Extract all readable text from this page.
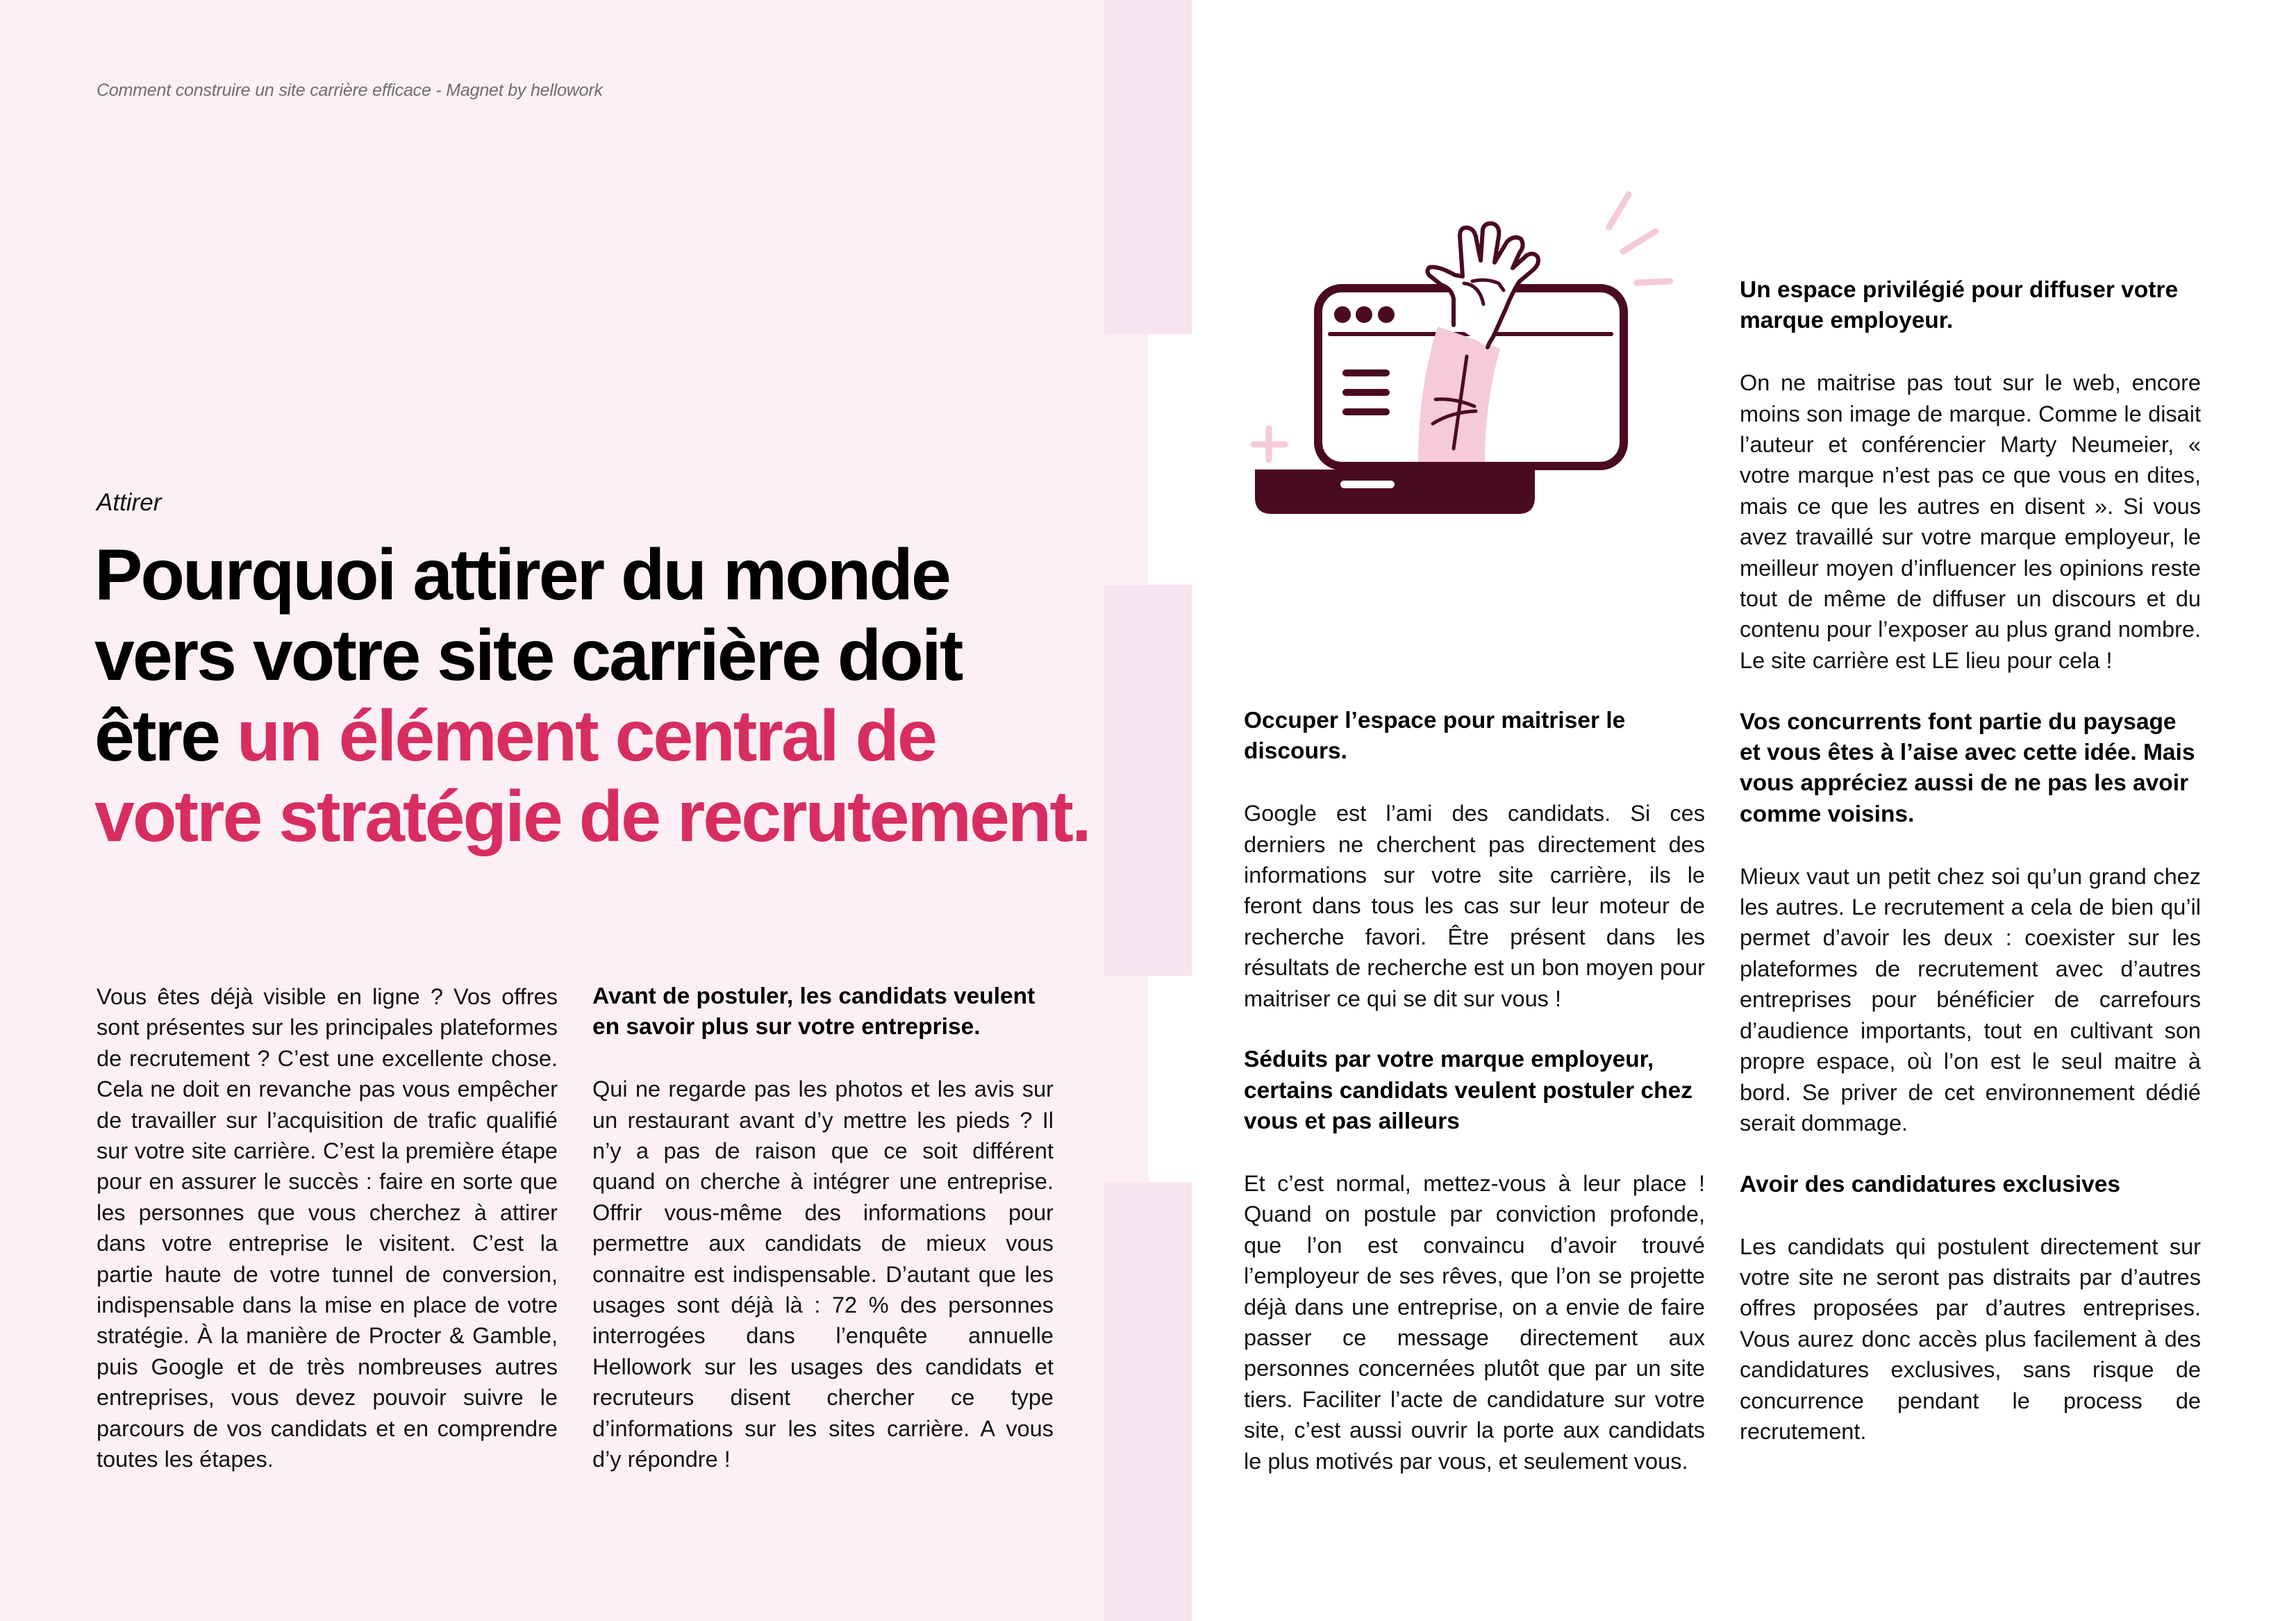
Comment construire un site carrière efficace - Magnet by hellowork
Attirer
Pourquoi attirer du monde vers votre site carrière doit être un élément central de votre stratégie de recrutement.

Vous êtes déjà visible en ligne ? Vos offres sont présentes sur les principales plateformes de recrutement ? C’est une excellente chose. Cela ne doit en revanche pas vous empêcher de travailler sur l’acquisition de trafic qualifié sur votre site carrière. C’est la première étape pour en assurer le succès : faire en sorte que les personnes que vous cherchez à attirer dans votre entreprise le visitent. C’est la partie haute de votre tunnel de conversion, indispensable dans la mise en place de votre stratégie. À la manière de Procter & Gamble, puis Google et de très nombreuses autres entreprises, vous devez pouvoir suivre le parcours de vos candidats et en comprendre toutes les étapes.

Avant de postuler, les candidats veulent en savoir plus sur votre entreprise.

Qui ne regarde pas les photos et les avis sur un restaurant avant d’y mettre les pieds ? Il n’y a pas de raison que ce soit différent quand on cherche à intégrer une entreprise. Offrir vous-même des informations pour permettre aux candidats de mieux vous connaitre est indispensable. D’autant que les usages sont déjà là : 72 % des personnes interrogées dans l’enquête annuelle Hellowork sur les usages des candidats et recruteurs disent chercher ce type d’informations sur les sites carrière. A vous d’y répondre !

Occuper l’espace pour maitriser le discours.

Google est l’ami des candidats. Si ces derniers ne cherchent pas directement des informations sur votre site carrière, ils le feront dans tous les cas sur leur moteur de recherche favori. Être présent dans les résultats de recherche est un bon moyen pour maitriser ce qui se dit sur vous !

Séduits par votre marque employeur, certains candidats veulent postuler chez vous et pas ailleurs

Et c’est normal, mettez-vous à leur place ! Quand on postule par conviction profonde, que l’on est convaincu d’avoir trouvé l’employeur de ses rêves, que l’on se projette déjà dans une entreprise, on a envie de faire passer ce message directement aux personnes concernées plutôt que par un site tiers. Faciliter l’acte de candidature sur votre site, c’est aussi ouvrir la porte aux candidats le plus motivés par vous, et seulement vous.

Un espace privilégié pour diffuser votre marque employeur.

On ne maitrise pas tout sur le web, encore moins son image de marque. Comme le disait l’auteur et conférencier Marty Neumeier, « votre marque n’est pas ce que vous en dites, mais ce que les autres en disent ». Si vous avez travaillé sur votre marque employeur, le meilleur moyen d’influencer les opinions reste tout de même de diffuser un discours et du contenu pour l’exposer au plus grand nombre. Le site carrière est LE lieu pour cela !

Vos concurrents font partie du paysage et vous êtes à l’aise avec cette idée. Mais vous appréciez aussi de ne pas les avoir comme voisins.

Mieux vaut un petit chez soi qu’un grand chez les autres. Le recrutement a cela de bien qu’il permet d’avoir les deux : coexister sur les plateformes de recrutement avec d’autres entreprises pour bénéficier de carrefours d’audience importants, tout en cultivant son propre espace, où l’on est le seul maitre à bord. Se priver de cet environnement dédié serait dommage.

Avoir des candidatures exclusives

Les candidats qui postulent directement sur votre site ne seront pas distraits par d’autres offres proposées par d’autres entreprises. Vous aurez donc accès plus facilement à des candidatures exclusives, sans risque de concurrence pendant le process de recrutement.
